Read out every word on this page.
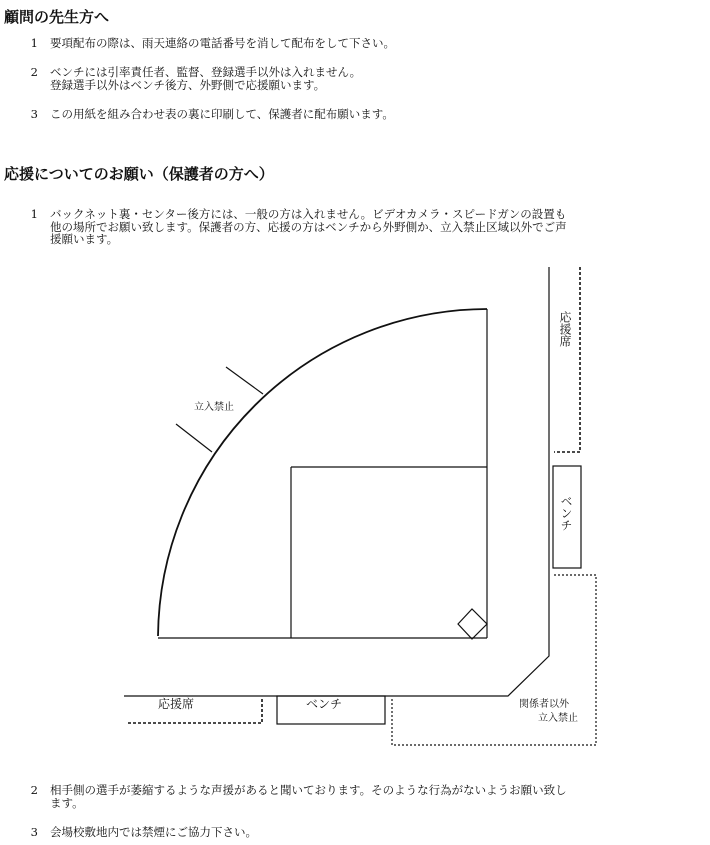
顧問の先生方へ
1 要項配布の際は、雨天連絡の電話番号を消して配布をして下さい。
2 ベンチには引率責任者、監督、登録選手以外は入れません。
登録選手以外はベンチ後方、外野側で応援願います。
3 この用紙を組み合わせ表の裏に印刷して、保護者に配布願います。
応援についてのお願い（保護者の方へ）
1 バックネット裏・センター後方には、一般の方は入れません。ビデオカメラ・スピードガンの設置も
他の場所でお願い致します。保護者の方、応援の方はベンチから外野側か、立入禁止区域以外でご声
援願います。
立入禁止
応援席
ベンチ
応援席	ベンチ	関係者以外
立入禁止
2 相手側の選手が萎縮するような声援があると聞いております。そのような行為がないようお願い致し
ます。
3 会場校敷地内では禁煙にご協力下さい。
